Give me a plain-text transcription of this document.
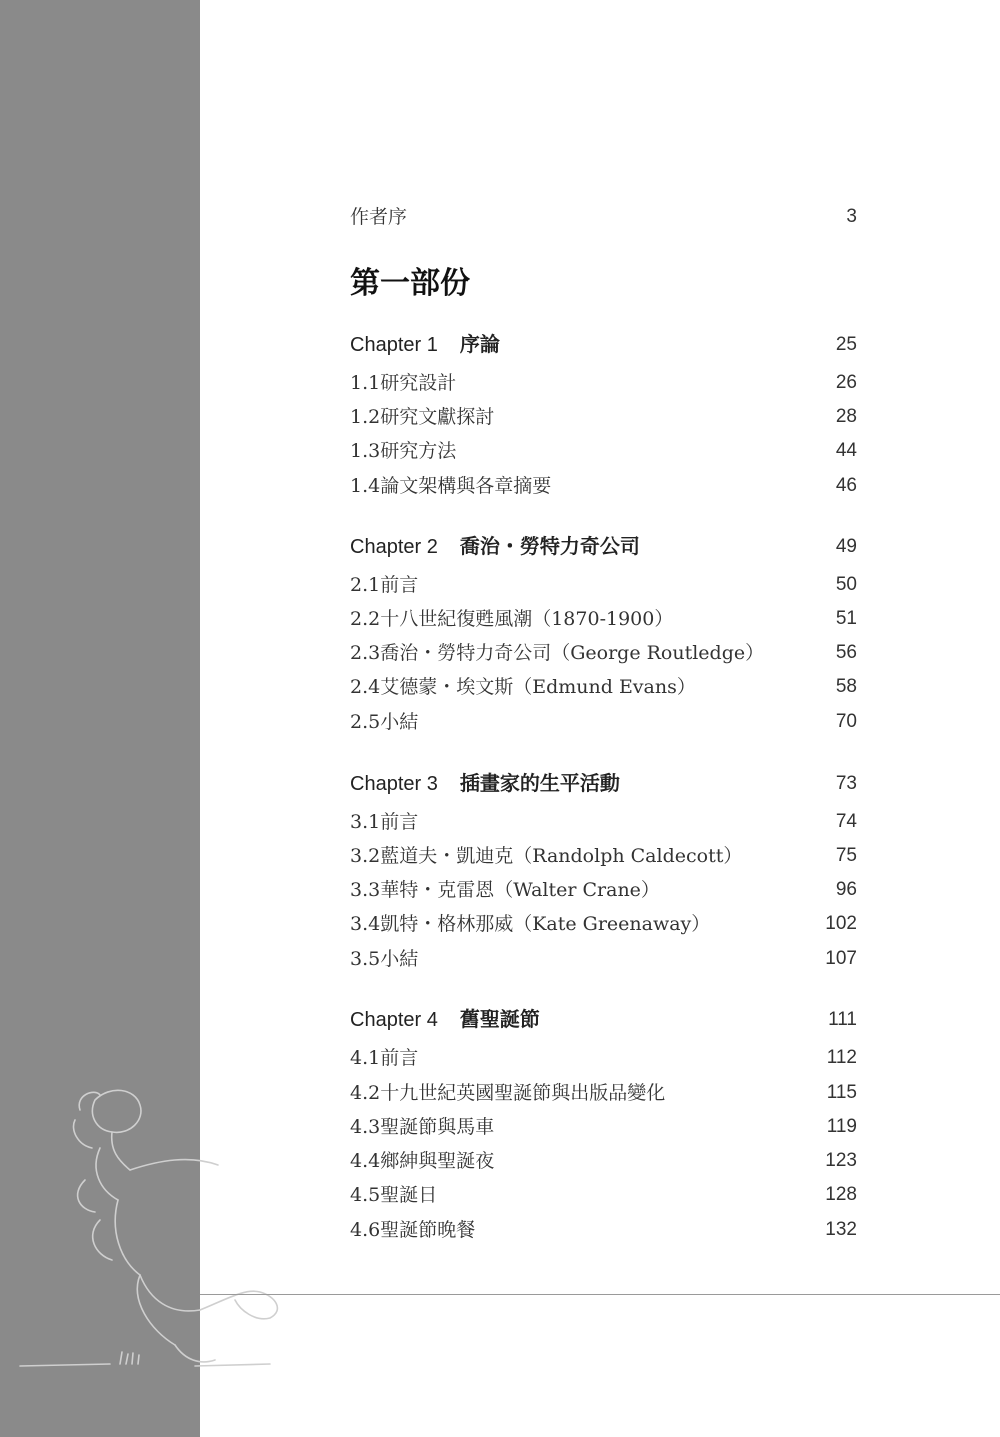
作者序	3
第一部份
Chapter 1 序論	25
1.1研究設計	26
1.2研究文獻探討	28
1.3研究方法	44
1.4論文架構與各章摘要	46
Chapter 2 喬治・勞特力奇公司	49
2.1前言	50
2.2十八世紀復甦風潮（1870-1900）	51
2.3喬治・勞特力奇公司（George Routledge）	56
2.4艾德蒙・埃文斯（Edmund Evans）	58
2.5小結	70
Chapter 3 插畫家的生平活動	73
3.1前言	74
3.2藍道夫・凱迪克（Randolph Caldecott）	75
3.3華特・克雷恩（Walter Crane）	96
3.4凱特・格林那威（Kate Greenaway）	102
3.5小結	107
Chapter 4 舊聖誕節	111
4.1前言	112
4.2十九世紀英國聖誕節與出版品變化	115
4.3聖誕節與馬車	119
4.4鄉紳與聖誕夜	123
4.5聖誕日	128
4.6聖誕節晚餐	132
